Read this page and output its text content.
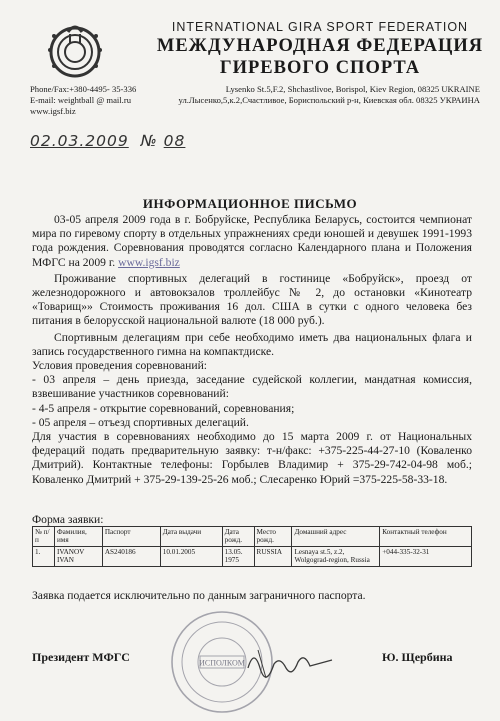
INTERNATIONAL GIRA SPORT FEDERATION
МЕЖДУНАРОДНАЯ ФЕДЕРАЦИЯ
ГИРЕВОГО СПОРТА
Phone/Fax:+380-4495- 35-336
E-mail: weightball @ mail.ru
www.igsf.biz
Lysenko St.5,F.2, Shchastlivoe, Borispol, Kiev Region, 08325 UKRAINE
ул.Лысенко,5,к.2,Счастливое, Бориспольский р-н, Киевская обл. 08325 УКРАИНА
02.03.2009 № 08
ИНФОРМАЦИОННОЕ ПИСЬМО

03-05 апреля 2009 года в г. Бобруйске, Республика Беларусь, состоится чемпионат мира по гиревому спорту в отдельных упражнениях среди юношей и девушек 1991-1993 года рождения. Соревнования проводятся согласно Календарного плана и Положения МФГС на 2009 г. www.igsf.biz

Проживание спортивных делегаций в гостинице «Бобруйск», проезд от железнодорожного и автовокзалов троллейбус № 2, до остановки «Кинотеатр «Товарищ»» Стоимость проживания 16 дол. США в сутки с одного человека без питания в белорусской национальной валюте (18 000 руб.).

Спортивным делегациям при себе необходимо иметь два национальных флага и запись государственного гимна на компактдиске.

Условия проведения соревнований:

- 03 апреля – день приезда, заседание судейской коллегии, мандатная комиссия, взвешивание участников соревнований:

- 4-5 апреля - открытие соревнований, соревнования;

- 05 апреля – отъезд спортивных делегаций.

Для участия в соревнованиях необходимо до 15 марта 2009 г. от Национальных федераций подать предварительную заявку: т-н/факс: +375-225-44-27-10 (Коваленко Дмитрий). Контактные телефоны: Горбылев Владимир + 375-29-742-04-98 моб.; Коваленко Дмитрий + 375-29-139-25-26 моб.; Слесаренко Юрий =375-225-58-33-18.

Форма заявки:
№ п/п	Фамилия, имя	Паспорт	Дата выдачи	Дата рожд.	Место рожд.	Домашний адрес	Контактный телефон
1.	IVANOV IVAN	AS240186	10.01.2005	13.05. 1975	RUSSIA	Lesnaya st.5, z.2, Wolgograd-region, Russia	+044-335-32-31
Заявка подается исключительно по данным заграничного паспорта.
ИСПОЛКОМ
Президент МФГС	Ю. Щербина
